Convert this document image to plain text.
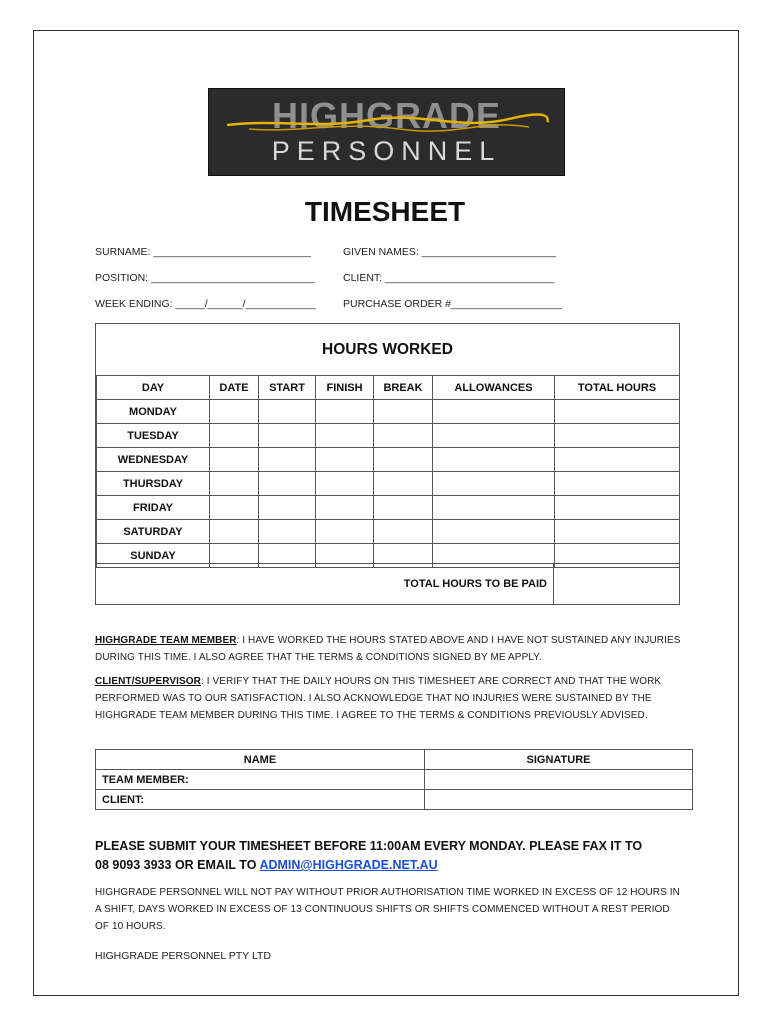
HIGHGRADE
PERSONNEL
TIMESHEET
SURNAME: ___________________________	GIVEN NAMES: _______________________
POSITION: ____________________________	CLIENT: _____________________________
WEEK ENDING: _____/______/____________	PURCHASE ORDER #___________________
HOURS WORKED
DAY	DATE	START	FINISH	BREAK	ALLOWANCES	TOTAL HOURS
MONDAY						
TUESDAY						
WEDNESDAY						
THURSDAY						
FRIDAY						
SATURDAY						
SUNDAY						
TOTAL HOURS TO BE PAID
HIGHGRADE TEAM MEMBER: I HAVE WORKED THE HOURS STATED ABOVE AND I HAVE NOT SUSTAINED ANY INJURIES DURING THIS TIME. I ALSO AGREE THAT THE TERMS & CONDITIONS SIGNED BY ME APPLY.
CLIENT/SUPERVISOR: I VERIFY THAT THE DAILY HOURS ON THIS TIMESHEET ARE CORRECT AND THAT THE WORK PERFORMED WAS TO OUR SATISFACTION. I ALSO ACKNOWLEDGE THAT NO INJURIES WERE SUSTAINED BY THE HIGHGRADE TEAM MEMBER DURING THIS TIME. I AGREE TO THE TERMS & CONDITIONS PREVIOUSLY ADVISED.
NAME	SIGNATURE
TEAM MEMBER:	
CLIENT:	
PLEASE SUBMIT YOUR TIMESHEET BEFORE 11:00AM EVERY MONDAY. PLEASE FAX IT TO
08 9093 3933 OR EMAIL TO ADMIN@HIGHGRADE.NET.AU
HIGHGRADE PERSONNEL WILL NOT PAY WITHOUT PRIOR AUTHORISATION TIME WORKED IN EXCESS OF 12 HOURS IN A SHIFT, DAYS WORKED IN EXCESS OF 13 CONTINUOUS SHIFTS OR SHIFTS COMMENCED WITHOUT A REST PERIOD OF 10 HOURS.
HIGHGRADE PERSONNEL PTY LTD
